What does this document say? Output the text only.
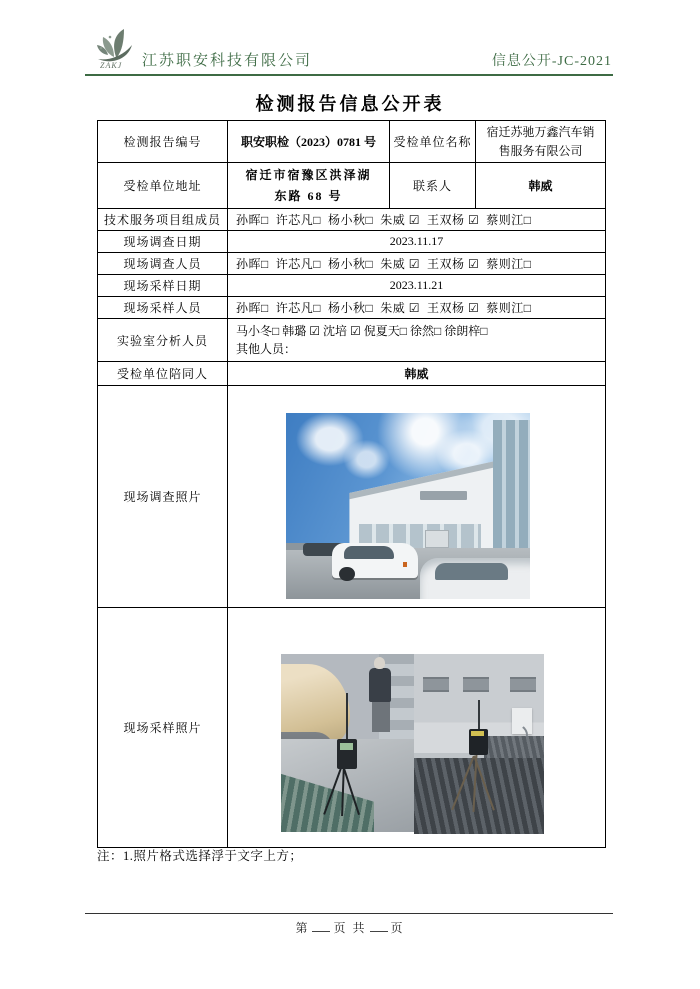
ZAKJ 江苏职安科技有限公司	信息公开-JC-2021
检测报告信息公开表
检测报告编号	职安职检（2023）0781 号	受检单位名称	宿迁苏驰万鑫汽车销售服务有限公司
受检单位地址	宿迁市宿豫区洪泽湖东路 68 号	联系人	韩威
技术服务项目组成员	孙晖□  许芯凡□  杨小秋□  朱威 ☑  王双杨 ☑  蔡则江□		
现场调查日期	2023.11.17		
现场调查人员	孙晖□  许芯凡□  杨小秋□  朱威 ☑  王双杨 ☑  蔡则江□		
现场采样日期	2023.11.21		
现场采样人员	孙晖□  许芯凡□  杨小秋□  朱威 ☑  王双杨 ☑  蔡则江□		
实验室分析人员	马小冬□ 韩璐 ☑ 沈培 ☑ 倪夏天□ 徐然□ 徐朗梓□
其他人员：		

受检单位陪同人	韩威		
现场调查照片			

现场采样照片			
注：1.照片格式选择浮于文字上方；
第 页 共 页
